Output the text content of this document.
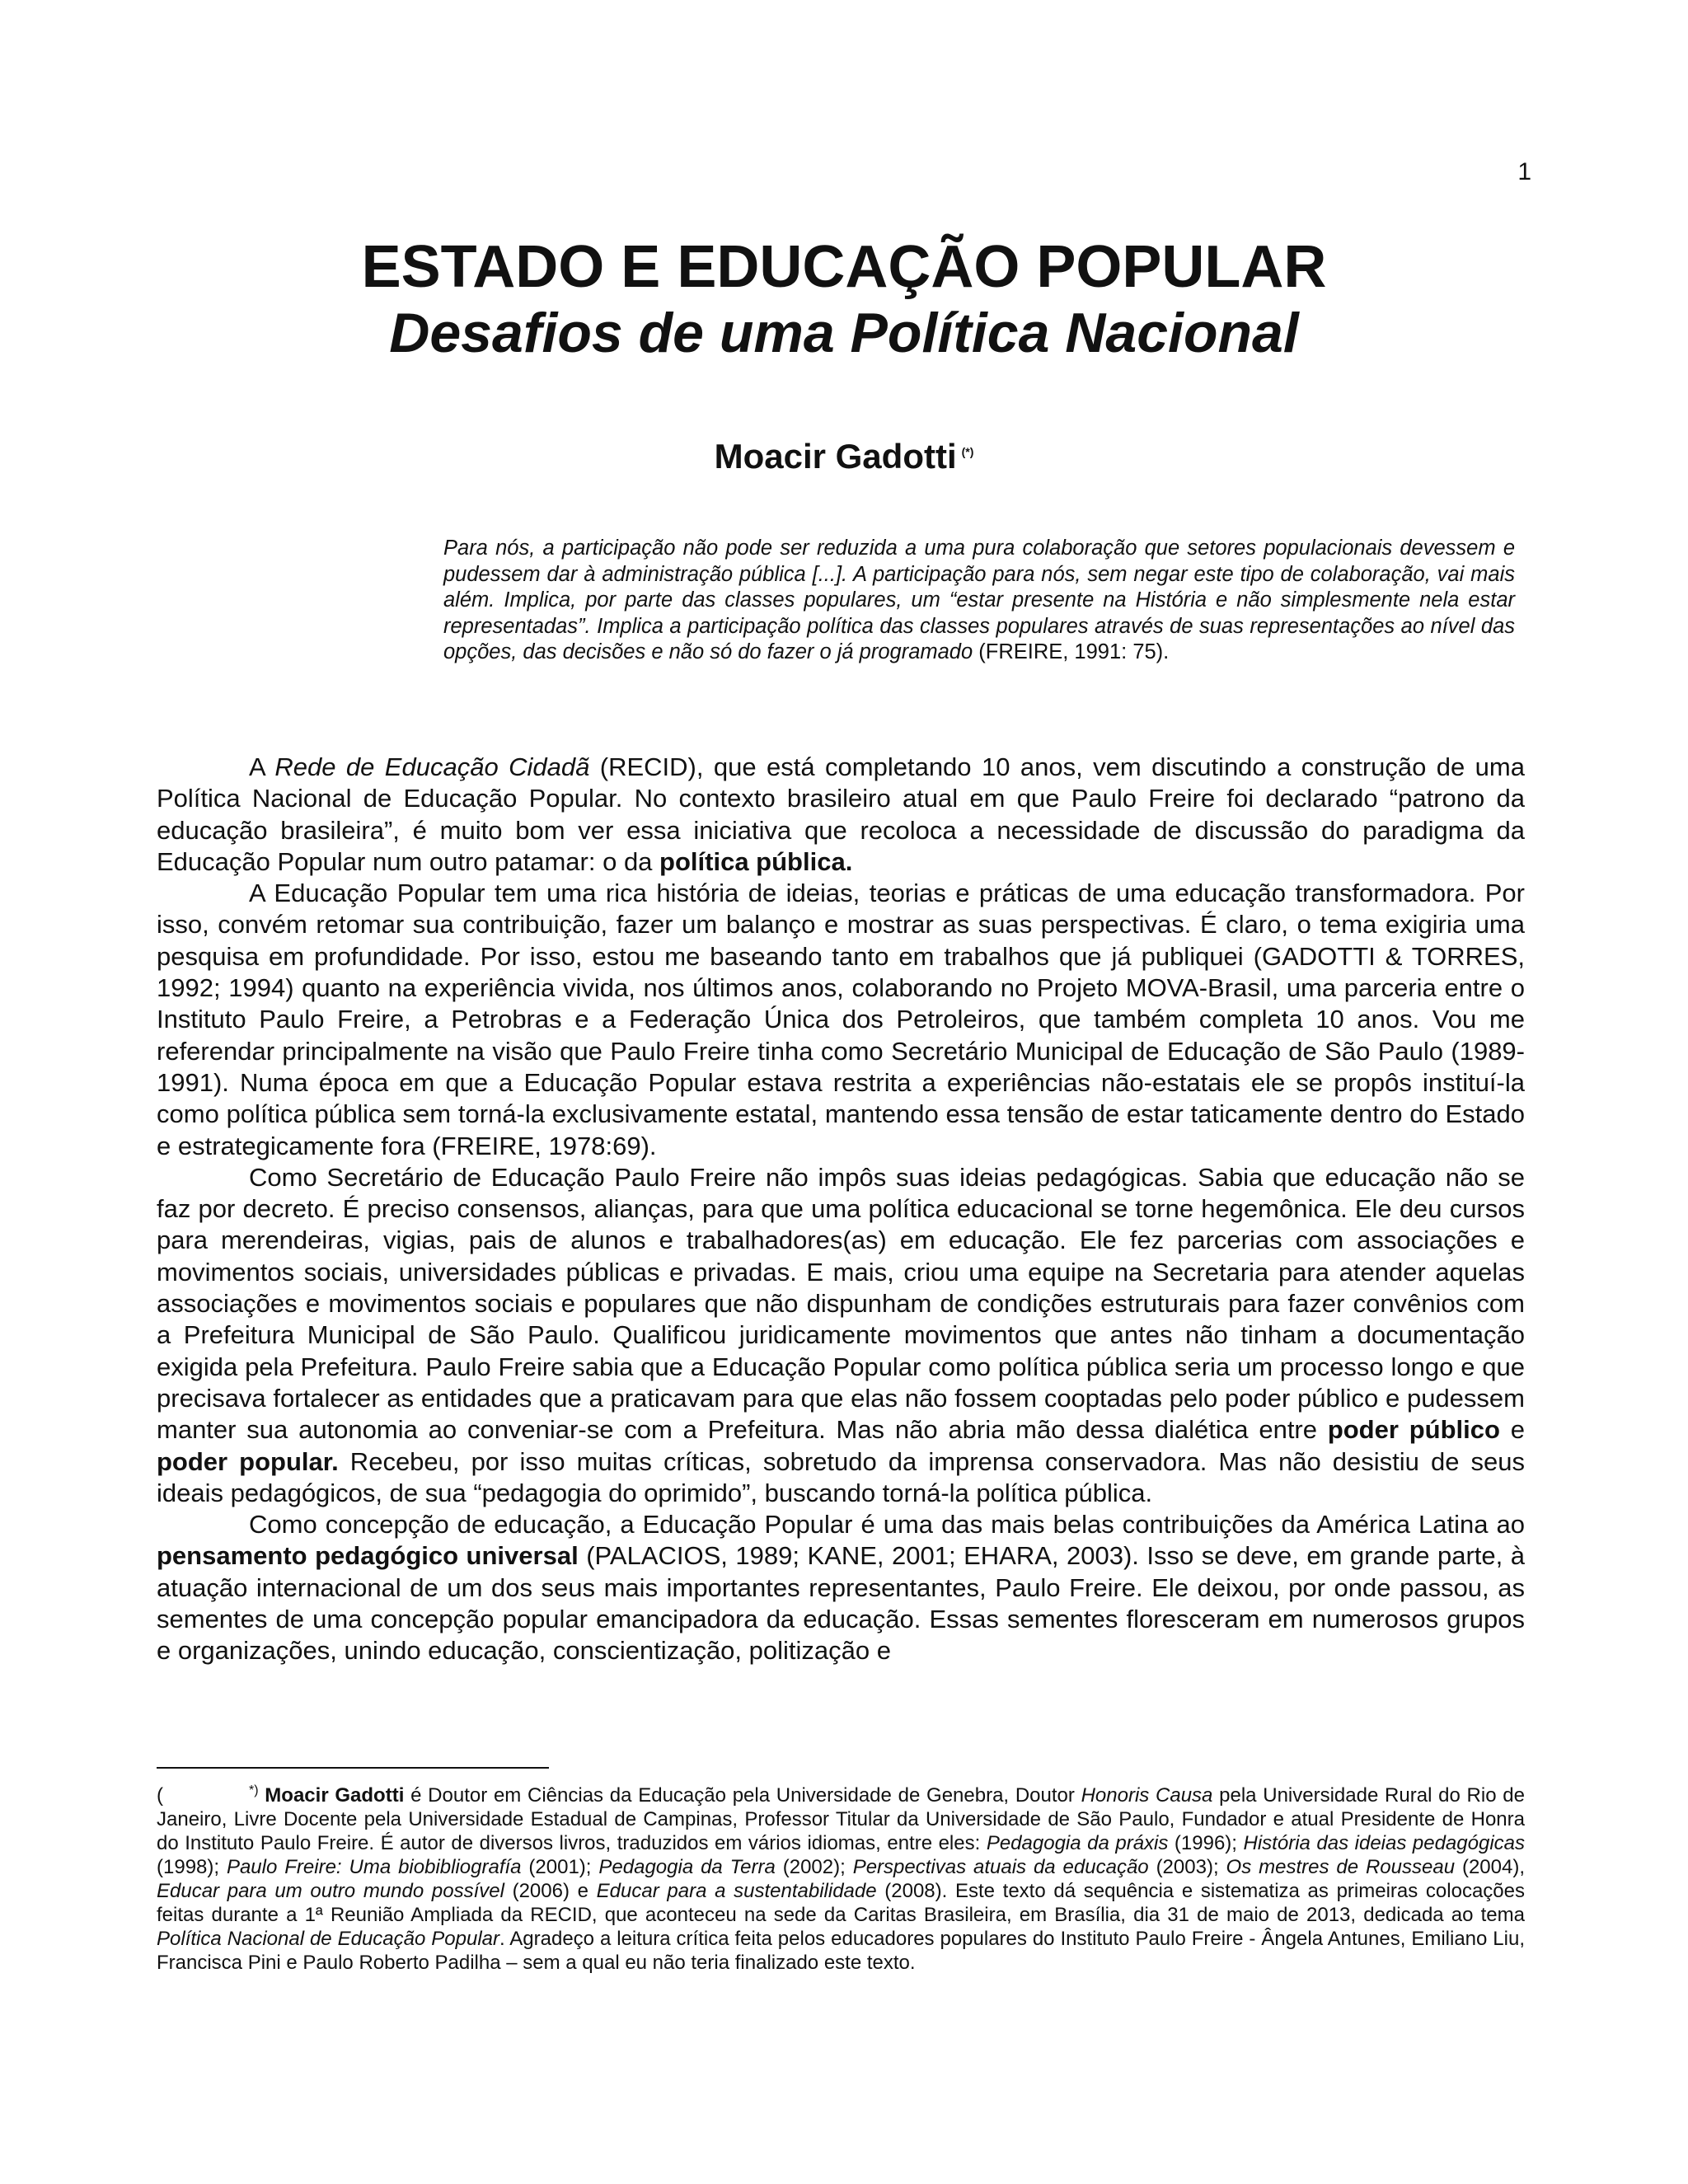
1
ESTADO E EDUCAÇÃO POPULAR
Desafios de uma Política Nacional
Moacir Gadotti (*)

Para nós, a participação não pode ser reduzida a uma pura colaboração que setores populacionais devessem e pudessem dar à administração pública [...]. A participação para nós, sem negar este tipo de colaboração, vai mais além. Implica, por parte das classes populares, um “estar presente na História e não simplesmente nela estar representadas”. Implica a participação política das classes populares através de suas representações ao nível das opções, das decisões e não só do fazer o já programado (FREIRE, 1991: 75).

A Rede de Educação Cidadã (RECID), que está completando 10 anos, vem discutindo a construção de uma Política Nacional de Educação Popular. No contexto brasileiro atual em que Paulo Freire foi declarado “patrono da educação brasileira”, é muito bom ver essa iniciativa que recoloca a necessidade de discussão do paradigma da Educação Popular num outro patamar: o da política pública.

A Educação Popular tem uma rica história de ideias, teorias e práticas de uma educação transformadora. Por isso, convém retomar sua contribuição, fazer um balanço e mostrar as suas perspectivas. É claro, o tema exigiria uma pesquisa em profundidade. Por isso, estou me baseando tanto em trabalhos que já publiquei (GADOTTI & TORRES, 1992; 1994) quanto na experiência vivida, nos últimos anos, colaborando no Projeto MOVA-Brasil, uma parceria entre o Instituto Paulo Freire, a Petrobras e a Federação Única dos Petroleiros, que também completa 10 anos. Vou me referendar principalmente na visão que Paulo Freire tinha como Secretário Municipal de Educação de São Paulo (1989-1991). Numa época em que a Educação Popular estava restrita a experiências não-estatais ele se propôs instituí-la como política pública sem torná-la exclusivamente estatal, mantendo essa tensão de estar taticamente dentro do Estado e estrategicamente fora (FREIRE, 1978:69).

Como Secretário de Educação Paulo Freire não impôs suas ideias pedagógicas. Sabia que educação não se faz por decreto. É preciso consensos, alianças, para que uma política educacional se torne hegemônica. Ele deu cursos para merendeiras, vigias, pais de alunos e trabalhadores(as) em educação. Ele fez parcerias com associações e movimentos sociais, universidades públicas e privadas. E mais, criou uma equipe na Secretaria para atender aquelas associações e movimentos sociais e populares que não dispunham de condições estruturais para fazer convênios com a Prefeitura Municipal de São Paulo. Qualificou juridicamente movimentos que antes não tinham a documentação exigida pela Prefeitura. Paulo Freire sabia que a Educação Popular como política pública seria um processo longo e que precisava fortalecer as entidades que a praticavam para que elas não fossem cooptadas pelo poder público e pudessem manter sua autonomia ao conveniar-se com a Prefeitura. Mas não abria mão dessa dialética entre poder público e poder popular. Recebeu, por isso muitas críticas, sobretudo da imprensa conservadora. Mas não desistiu de seus ideais pedagógicos, de sua “pedagogia do oprimido”, buscando torná-la política pública.

Como concepção de educação, a Educação Popular é uma das mais belas contribuições da América Latina ao pensamento pedagógico universal (PALACIOS, 1989; KANE, 2001; EHARA, 2003). Isso se deve, em grande parte, à atuação internacional de um dos seus mais importantes representantes, Paulo Freire. Ele deixou, por onde passou, as sementes de uma concepção popular emancipadora da educação. Essas sementes floresceram em numerosos grupos e organizações, unindo educação, conscientização, politização e

(	*) Moacir Gadotti é Doutor em Ciências da Educação pela Universidade de Genebra, Doutor Honoris Causa pela Universidade Rural do Rio de Janeiro, Livre Docente pela Universidade Estadual de Campinas, Professor Titular da Universidade de São Paulo, Fundador e atual Presidente de Honra do Instituto Paulo Freire. É autor de diversos livros, traduzidos em vários idiomas, entre eles: Pedagogia da práxis (1996); História das ideias pedagógicas (1998); Paulo Freire: Uma biobibliografía (2001); Pedagogia da Terra (2002); Perspectivas atuais da educação (2003); Os mestres de Rousseau (2004), Educar para um outro mundo possível (2006) e Educar para a sustentabilidade (2008). Este texto dá sequência e sistematiza as primeiras colocações feitas durante a 1ª Reunião Ampliada da RECID, que aconteceu na sede da Caritas Brasileira, em Brasília, dia 31 de maio de 2013, dedicada ao tema Política Nacional de Educação Popular. Agradeço a leitura crítica feita pelos educadores populares do Instituto Paulo Freire - Ângela Antunes, Emiliano Liu, Francisca Pini e Paulo Roberto Padilha – sem a qual eu não teria finalizado este texto.
